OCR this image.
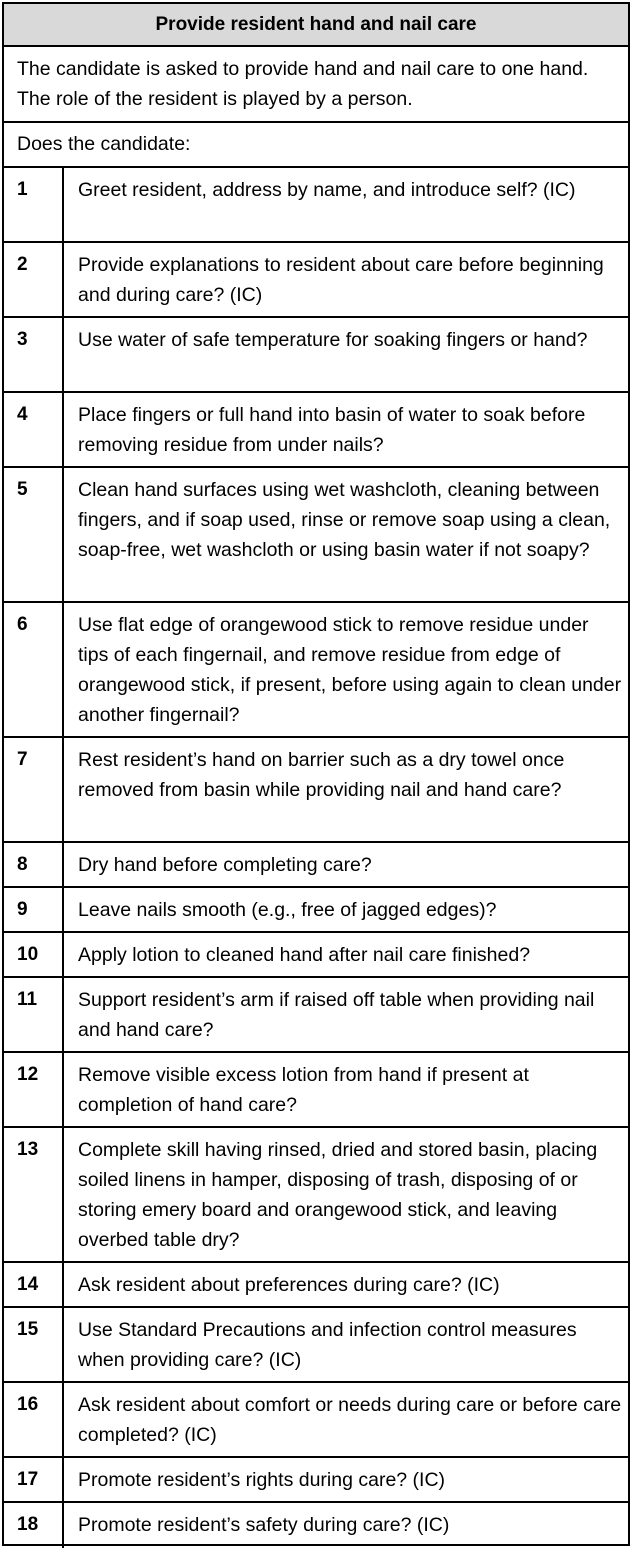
Provide resident hand and nail care
The candidate is asked to provide hand and nail care to one hand. The role of the resident is played by a person.
Does the candidate:
1	Greet resident, address by name, and introduce self? (IC)
2	Provide explanations to resident about care before beginning and during care? (IC)
3	Use water of safe temperature for soaking fingers or hand?
4	Place fingers or full hand into basin of water to soak before removing residue from under nails?
5	Clean hand surfaces using wet washcloth, cleaning between fingers, and if soap used, rinse or remove soap using a clean, soap-free, wet washcloth or using basin water if not soapy?
6	Use flat edge of orangewood stick to remove residue under tips of each fingernail, and remove residue from edge of orangewood stick, if present, before using again to clean under another fingernail?
7	Rest resident’s hand on barrier such as a dry towel once removed from basin while providing nail and hand care?
8	Dry hand before completing care?
9	Leave nails smooth (e.g., free of jagged edges)?
10	Apply lotion to cleaned hand after nail care finished?
11	Support resident’s arm if raised off table when providing nail and hand care?
12	Remove visible excess lotion from hand if present at completion of hand care?
13	Complete skill having rinsed, dried and stored basin, placing soiled linens in hamper, disposing of trash, disposing of or storing emery board and orangewood stick, and leaving overbed table dry?
14	Ask resident about preferences during care? (IC)
15	Use Standard Precautions and infection control measures when providing care? (IC)
16	Ask resident about comfort or needs during care or before care completed? (IC)
17	Promote resident’s rights during care? (IC)
18	Promote resident’s safety during care? (IC)
